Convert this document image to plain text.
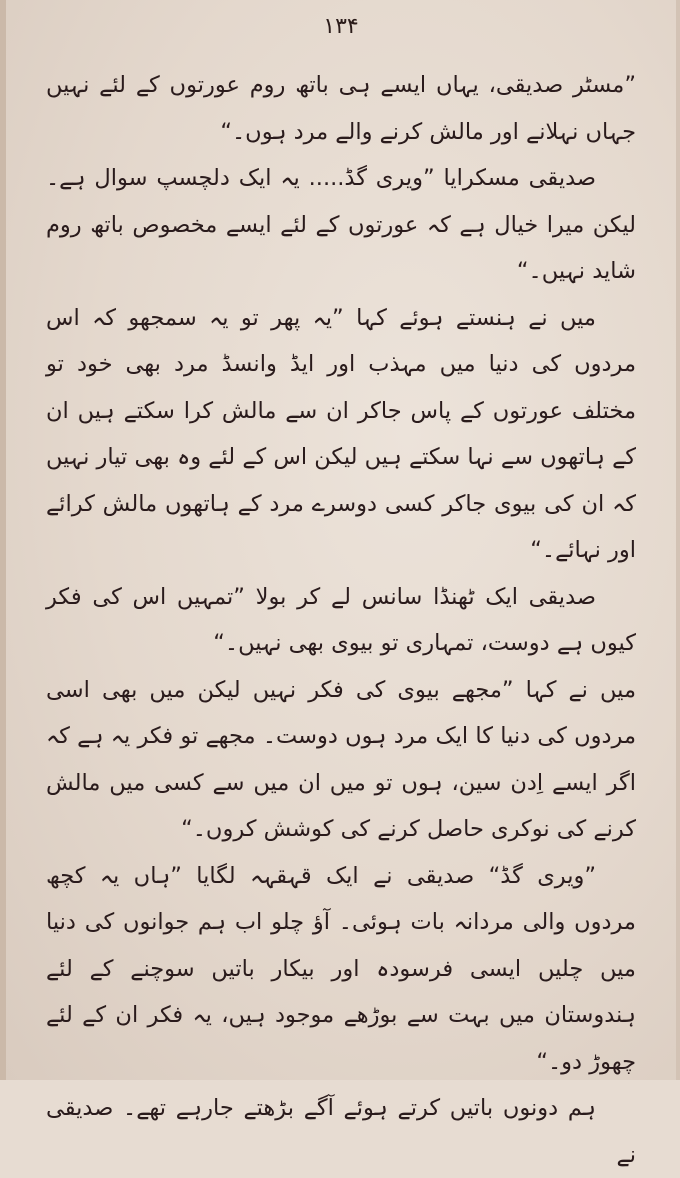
۱۳۴

”مسٹر صدیقی، یہاں ایسے ہی باتھ روم عورتوں کے لئے نہیں جہاں نہلانے اور مالش کرنے والے مرد ہوں۔“

صدیقی مسکرایا ”ویری گڈ..... یہ ایک دلچسپ سوال ہے۔ لیکن میرا خیال ہے کہ عورتوں کے لئے ایسے مخصوص باتھ روم شاید نہیں۔“

میں نے ہنستے ہوئے کہا ”یہ پھر تو یہ سمجھو کہ اس مردوں کی دنیا میں مہذب اور ایڈ وانسڈ مرد بھی خود تو مختلف عورتوں کے پاس جاکر ان سے مالش کرا سکتے ہیں ان کے ہاتھوں سے نہا سکتے ہیں لیکن اس کے لئے وہ بھی تیار نہیں کہ ان کی بیوی جاکر کسی دوسرے مرد کے ہاتھوں مالش کرائے اور نہائے۔“

صدیقی ایک ٹھنڈا سانس لے کر بولا ”تمہیں اس کی فکر کیوں ہے دوست، تمہاری تو بیوی بھی نہیں۔“

میں نے کہا ”مجھے بیوی کی فکر نہیں لیکن میں بھی اسی مردوں کی دنیا کا ایک مرد ہوں دوست۔ مجھے تو فکر یہ ہے کہ اگر ایسے اِدن سین، ہوں تو میں ان میں سے کسی میں مالش کرنے کی نوکری حاصل کرنے کی کوشش کروں۔“

”ویری گڈ“ صدیقی نے ایک قہقہہ لگایا ”ہاں یہ کچھ مردوں والی مردانہ بات ہوئی۔ آؤ چلو اب ہم جوانوں کی دنیا میں چلیں ایسی فرسودہ اور بیکار باتیں سوچنے کے لئے ہندوستان میں بہت سے بوڑھے موجود ہیں، یہ فکر ان کے لئے چھوڑ دو۔“

ہم دونوں باتیں کرتے ہوئے آگے بڑھتے جارہے تھے۔ صدیقی نے
